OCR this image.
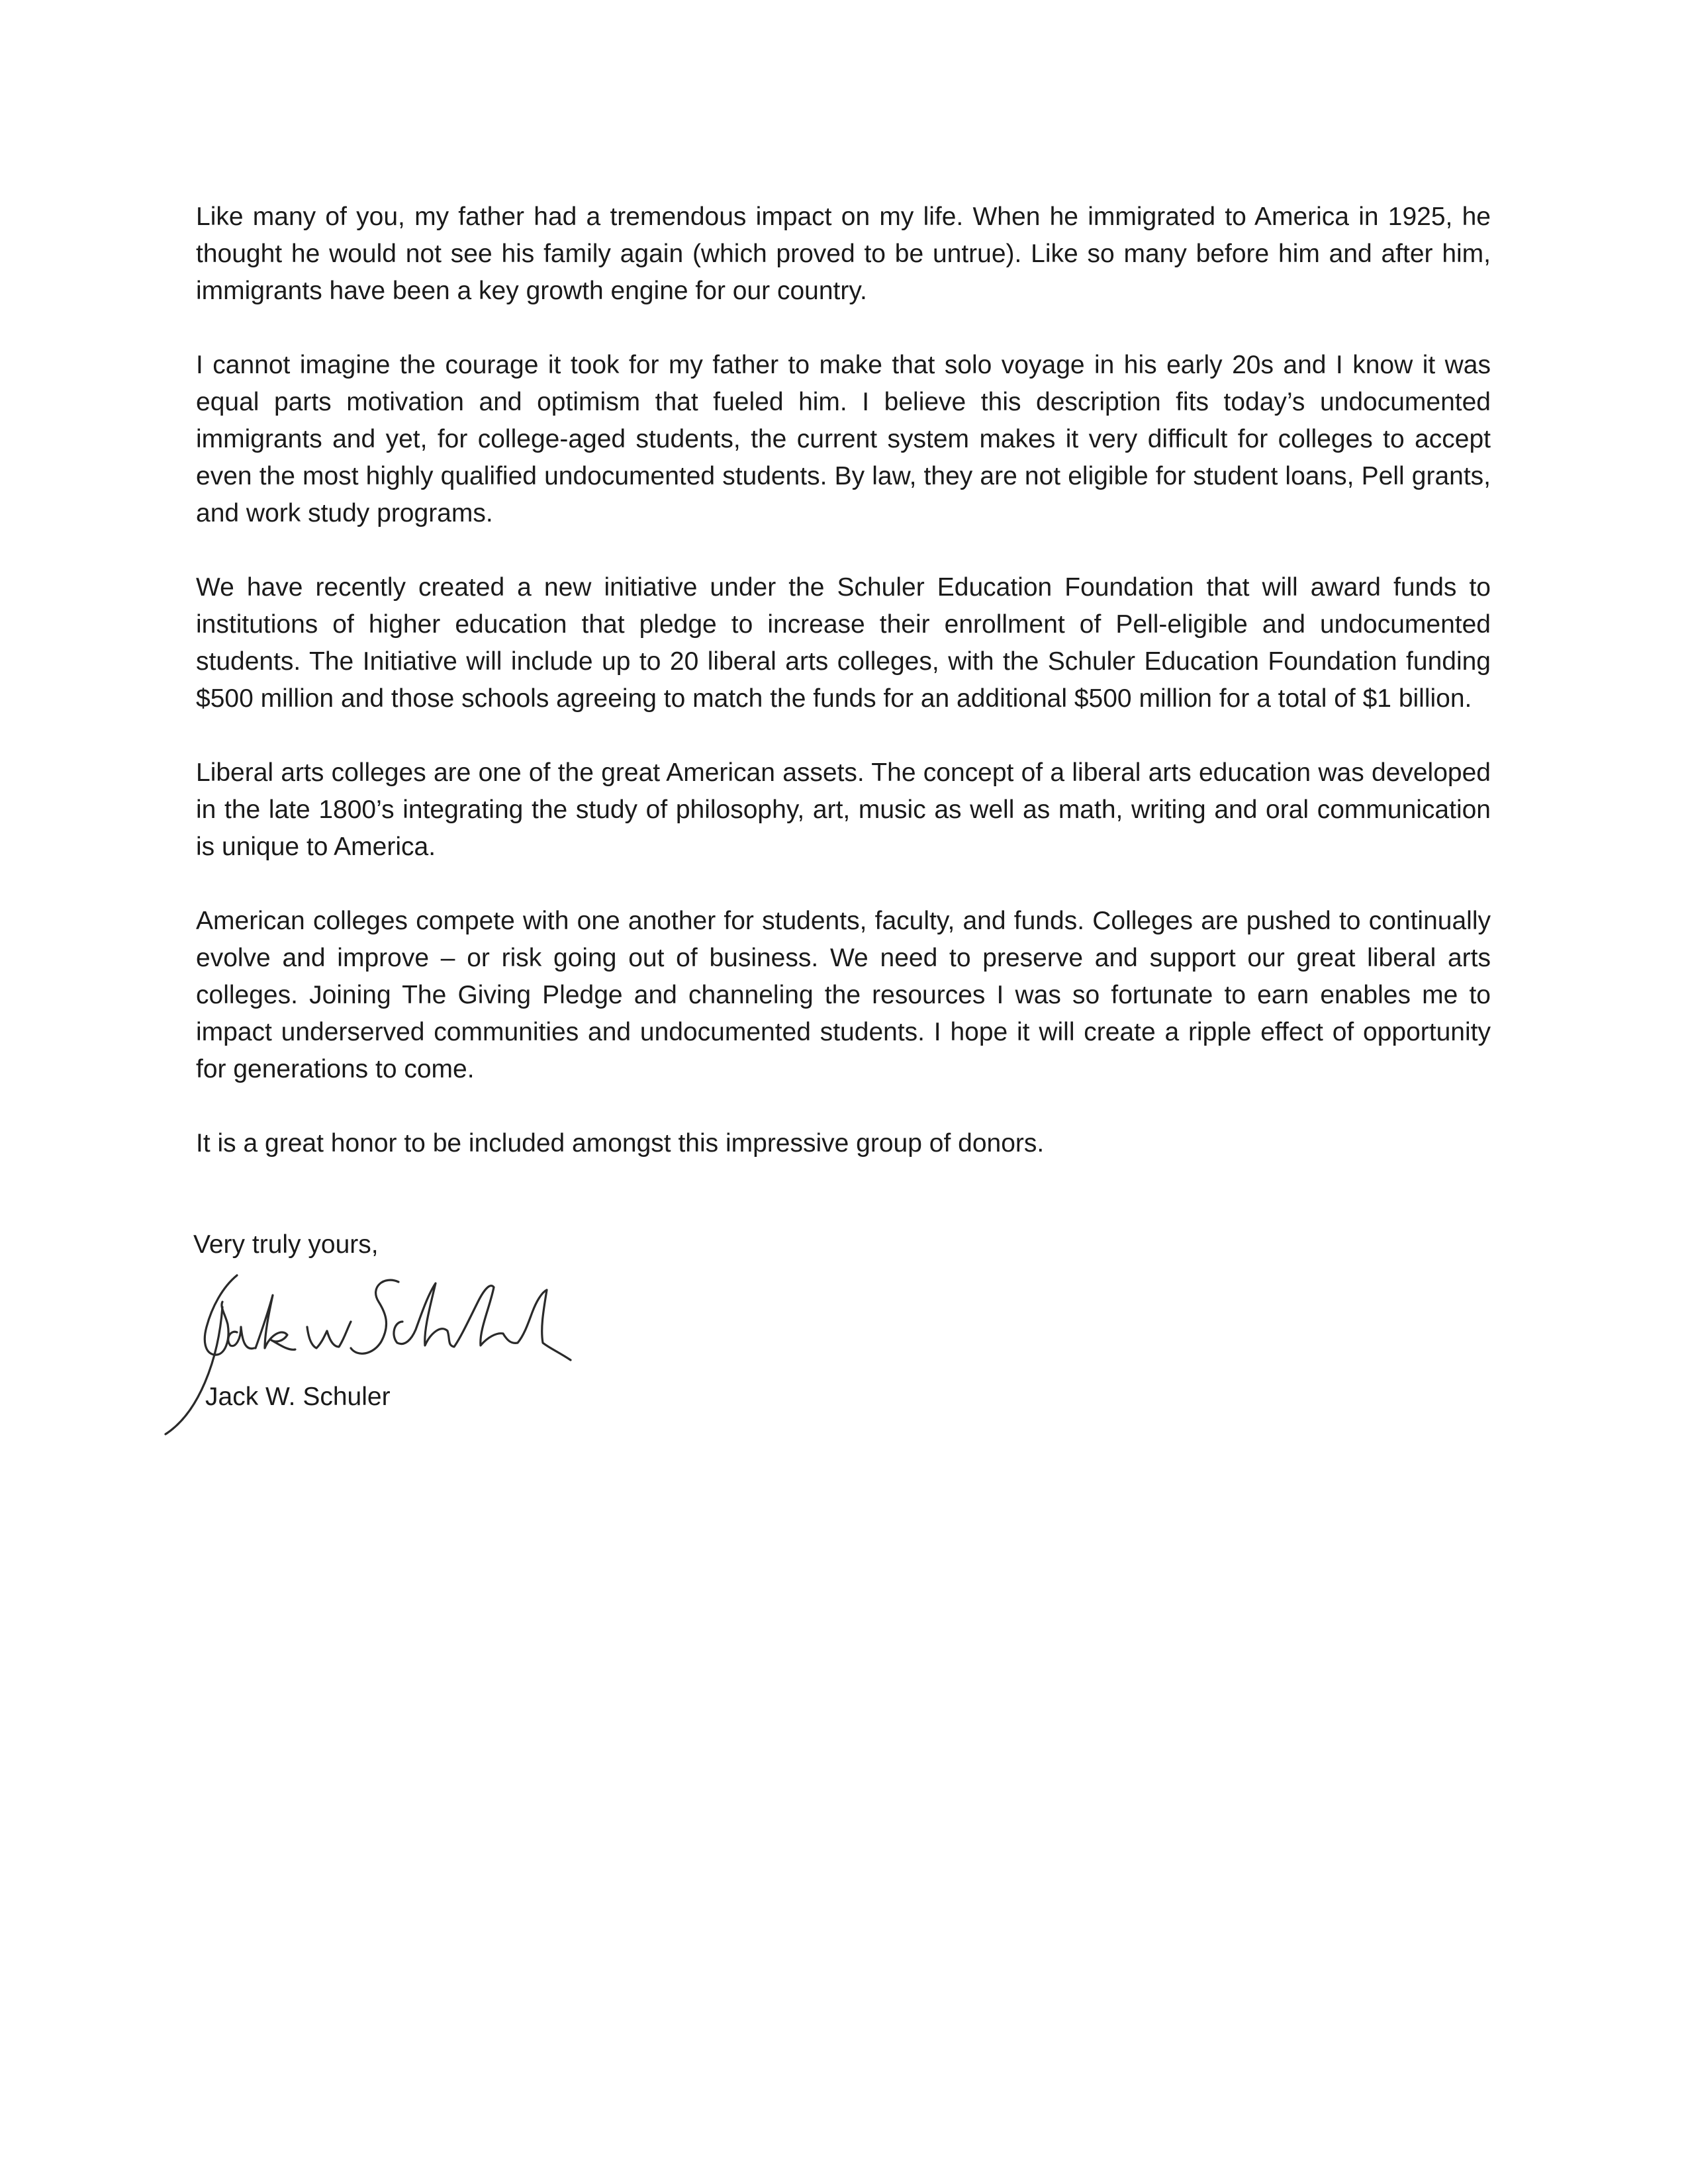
Like many of you, my father had a tremendous impact on my life. When he immigrated to America in 1925, he thought he would not see his family again (which proved to be untrue). Like so many before him and after him, immigrants have been a key growth engine for our country.

I cannot imagine the courage it took for my father to make that solo voyage in his early 20s and I know it was equal parts motivation and optimism that fueled him. I believe this description fits today’s undocumented immigrants and yet, for college-aged students, the current system makes it very difficult for colleges to accept even the most highly qualified undocumented students. By law, they are not eligible for student loans, Pell grants, and work study programs.

We have recently created a new initiative under the Schuler Education Foundation that will award funds to institutions of higher education that pledge to increase their enrollment of Pell-eligible and undocumented students. The Initiative will include up to 20 liberal arts colleges, with the Schuler Education Foundation funding $500 million and those schools agreeing to match the funds for an additional $500 million for a total of $1 billion.

Liberal arts colleges are one of the great American assets. The concept of a liberal arts education was developed in the late 1800’s integrating the study of philosophy, art, music as well as math, writing and oral communication is unique to America.

American colleges compete with one another for students, faculty, and funds. Colleges are pushed to continually evolve and improve – or risk going out of business. We need to preserve and support our great liberal arts colleges. Joining The Giving Pledge and channeling the resources I was so fortunate to earn enables me to impact underserved communities and undocumented students. I hope it will create a ripple effect of opportunity for generations to come.

It is a great honor to be included amongst this impressive group of donors.

Very truly yours,
Jack W. Schuler
